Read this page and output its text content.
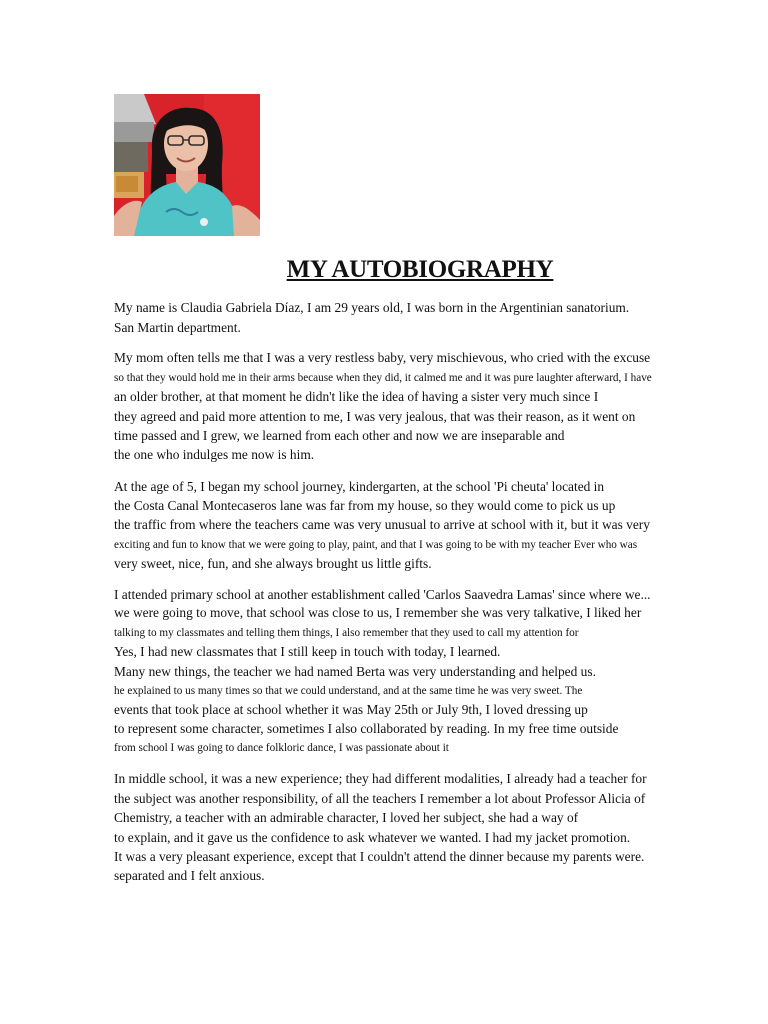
MY AUTOBIOGRAPHY

My name is Claudia Gabriela Díaz, I am 29 years old, I was born in the Argentinian sanatorium.

San Martin department.

My mom often tells me that I was a very restless baby, very mischievous, who cried with the excuse

so that they would hold me in their arms because when they did, it calmed me and it was pure laughter afterward, I have

an older brother, at that moment he didn't like the idea of having a sister very much since I

they agreed and paid more attention to me, I was very jealous, that was their reason, as it went on

time passed and I grew, we learned from each other and now we are inseparable and

the one who indulges me now is him.

At the age of 5, I began my school journey, kindergarten, at the school 'Pi cheuta' located in

the Costa Canal Montecaseros lane was far from my house, so they would come to pick us up

the traffic from where the teachers came was very unusual to arrive at school with it, but it was very

exciting and fun to know that we were going to play, paint, and that I was going to be with my teacher Ever who was

very sweet, nice, fun, and she always brought us little gifts.

I attended primary school at another establishment called 'Carlos Saavedra Lamas' since where we...

we were going to move, that school was close to us, I remember she was very talkative, I liked her

talking to my classmates and telling them things, I also remember that they used to call my attention for

Yes, I had new classmates that I still keep in touch with today, I learned.

Many new things, the teacher we had named Berta was very understanding and helped us.

he explained to us many times so that we could understand, and at the same time he was very sweet. The

events that took place at school whether it was May 25th or July 9th, I loved dressing up

to represent some character, sometimes I also collaborated by reading. In my free time outside

from school I was going to dance folkloric dance, I was passionate about it

In middle school, it was a new experience; they had different modalities, I already had a teacher for

the subject was another responsibility, of all the teachers I remember a lot about Professor Alicia of

Chemistry, a teacher with an admirable character, I loved her subject, she had a way of

to explain, and it gave us the confidence to ask whatever we wanted. I had my jacket promotion.

It was a very pleasant experience, except that I couldn't attend the dinner because my parents were.

separated and I felt anxious.
